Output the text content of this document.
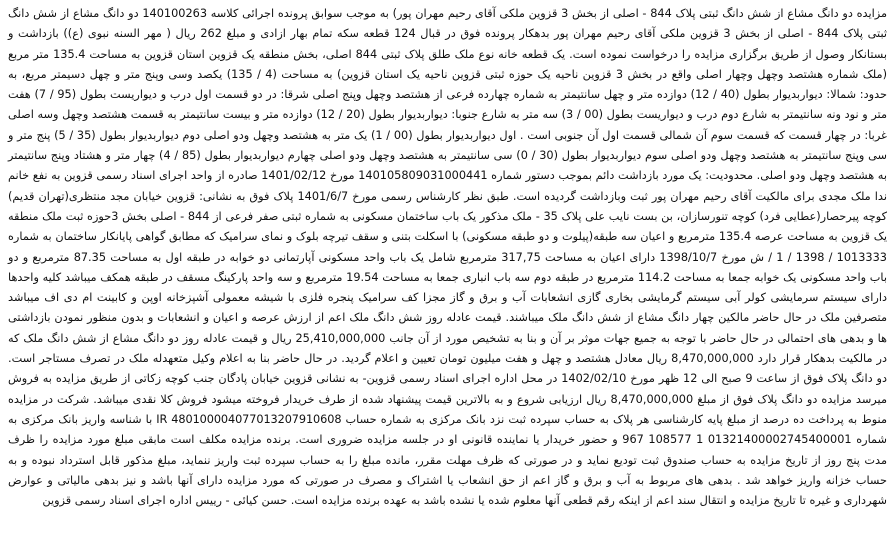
مزایده دو دانگ مشاع از شش دانگ ثبتی پلاک 844 - اصلی از بخش 3 قزوین ملکی آقای رحیم مهران پور) به موجب سوابق پرونده اجرائی کلاسه 140100263 دو دانگ مشاع از شش دانگ ثبتی پلاک 844 - اصلی از بخش 3 قزوین ملکی آقای رحیم مهران پور بدهکار پرونده فوق در قبال 124 قطعه سکه تمام بهار ازادی و مبلغ 262 ریال ( مهر السنه نبوی (ع)) بازداشت و بستانکار وصول از طریق برگزاری مزایده را درخواست نموده است. یک قطعه خانه نوع ملک طلق پلاک ثبتی 844 اصلی، بخش منطقه یک قزوین استان قزوین به مساحت 135.4 متر مربع (ملک شماره هشتصد وچهل وچهار اصلی واقع در بخش 3 قزوین ناحیه یک حوزه ثبتی قزوین ناحیه یک استان قزوین) به مساحت (4 / 135) یکصد وسی وپنج متر و چهل دسیمتر مربع، به حدود: شمالا: دیواربدیوار بطول (40 / 12) دوازده متر و چهل سانتیمتر به شماره چهارده فرعی از هشتصد وچهل وپنج اصلی شرقا: در دو قسمت اول درب و دیواریست بطول (95 / 7) هفت متر و نود ونه سانتیمتر به شارع دوم درب و دیواریست بطول (00 / 3) سه متر به شارع جنوبا: دیواربدیوار بطول (20 / 12) دوازده متر و بیست سانتیمتر به قسمت هشتصد وچهل وسه اصلی غربا: در چهار قسمت که قسمت سوم آن شمالی قسمت اول آن جنوبی است . اول دیواربدیوار بطول (00 / 1) یک متر به هشتصد وچهل ودو اصلی دوم دیواربدیوار بطول (35 / 5) پنج متر و سی وپنج سانتیمتر به هشتصد وچهل ودو اصلی سوم دیواربدیوار بطول (30 / 0) سی سانتیمتر به هشتصد وچهل ودو اصلی چهارم دیواربدیوار بطول (85 / 4) چهار متر و هشتاد وپنج سانتیمتر به هشتصد وچهل ودو اصلی. محدودیت: یک مورد بازداشت دائم بموجب دستور شماره 140105809031000441 مورخ 1401/02/12 صادره از واحد اجرای اسناد رسمی قزوین به نفع خانم ندا ملک مجدی برای مالکیت آقای رحیم مهران پور ثبت وبازداشت گردیده است. طبق نظر کارشناس رسمی مورخ 1401/6/7 پلاک فوق به نشانی: قزوین خیابان مجد منتظری(تهران قدیم) کوچه پیرحصار(عطایی فرد) کوچه تنورسازان، بن بست نایب علی پلاک 35 - ملک مذکور یک باب ساختمان مسکونی به شماره ثبتی صفر فرعی از 844 - اصلی بخش 3حوزه ثبت ملک منطقه یک قزوین به مساحت عرصه 135.4 مترمربع و اعیان سه طبقه(پیلوت و دو طبقه مسکونی) با اسکلت بتنی و سقف تیرچه بلوک و نمای سرامیک که مطابق گواهی پایانکار ساختمان به شماره 1013333 / 1398 / 1 / ش مورخ 1398/10/7 دارای اعیان به مساحت 317,75 مترمربع شامل یک باب واحد مسکونی آپارتمانی دو خوابه در طبقه اول به مساحت 87.35 مترمربع و دو باب واحد مسکونی یک خوابه جمعا به مساحت 114.2 مترمربع در طبقه دوم سه باب انباری جمعا به مساحت 19.54 مترمربع و سه واحد پارکینگ مسقف در طبقه همکف میباشد کلیه واحدها دارای سیستم سرمایشی کولر آبی سیستم گرمایشی بخاری گازی انشعابات آب و برق و گاز مجزا کف سرامیک پنجره فلزی با شیشه معمولی آشپزخانه اوپن و کابینت ام دی اف میباشد متصرفین ملک در حال حاضر مالکین چهار دانگ مشاع از شش دانگ ملک میباشند. قیمت عادله روز شش دانگ ملک اعم از ارزش عرصه و اعیان و انشعابات و بدون منظور نمودن بازداشتی ها و بدهی های احتمالی در حال حاضر با توجه به جمیع جهات موثر بر آن و بنا به تشخیص مورد از آن جانب 25,410,000,000 ریال و قیمت عادله روز دو دانگ مشاع از شش دانگ ملک که در مالکیت بدهکار قرار دارد 8,470,000,000 ریال معادل هشتصد و چهل و هفت میلیون تومان تعیین و اعلام گردید. در حال حاضر بنا به اعلام وکیل متعهدله ملک در تصرف مستاجر است. دو دانگ پلاک فوق از ساعت 9 صبح الی 12 ظهر مورخ 1402/02/10 در محل اداره اجرای اسناد رسمی قزوین- به نشانی قزوین خیابان پادگان جنب کوچه زکاتی از طریق مزایده به فروش میرسد مزایده دو دانگ پلاک فوق از مبلغ 8,470,000,000 ریال ارزیابی شروع و به بالاترین قیمت پیشنهاد شده از طرف خریدار فروخته میشود فروش کلا نقدی میباشد. شرکت در مزایده منوط به پرداخت ده درصد از مبلغ پایه کارشناسی هر پلاک به حساب سپرده ثبت نزد بانک مرکزی به شماره حساب IR 480100004077013207910608 با شناسه واریز بانک مرکزی به شماره 01321400002745400001 1 108577 967 و حضور خریدار یا نماینده قانونی او در جلسه مزایده ضروری است. برنده مزایده مکلف است مابقی مبلغ مورد مزایده را ظرف مدت پنج روز از تاریخ مزایده به حساب صندوق ثبت تودیع نماید و در صورتی که ظرف مهلت مقرر، مانده مبلغ را به حساب سپرده ثبت واریز ننماید، مبلغ مذکور قابل استرداد نبوده و به حساب خزانه واریز خواهد شد . بدهی های مربوط به آب و برق و گاز اعم از حق انشعاب یا اشتراک و مصرف در صورتی که مورد مزایده دارای آنها باشد و نیز بدهی مالیاتی و عوارض شهرداری و غیره تا تاریخ مزایده و انتقال سند اعم از اینکه رقم قطعی آنها معلوم شده یا نشده باشد به عهده برنده مزایده است. حسن کیائی - رییس اداره اجرای اسناد رسمی قزوین
